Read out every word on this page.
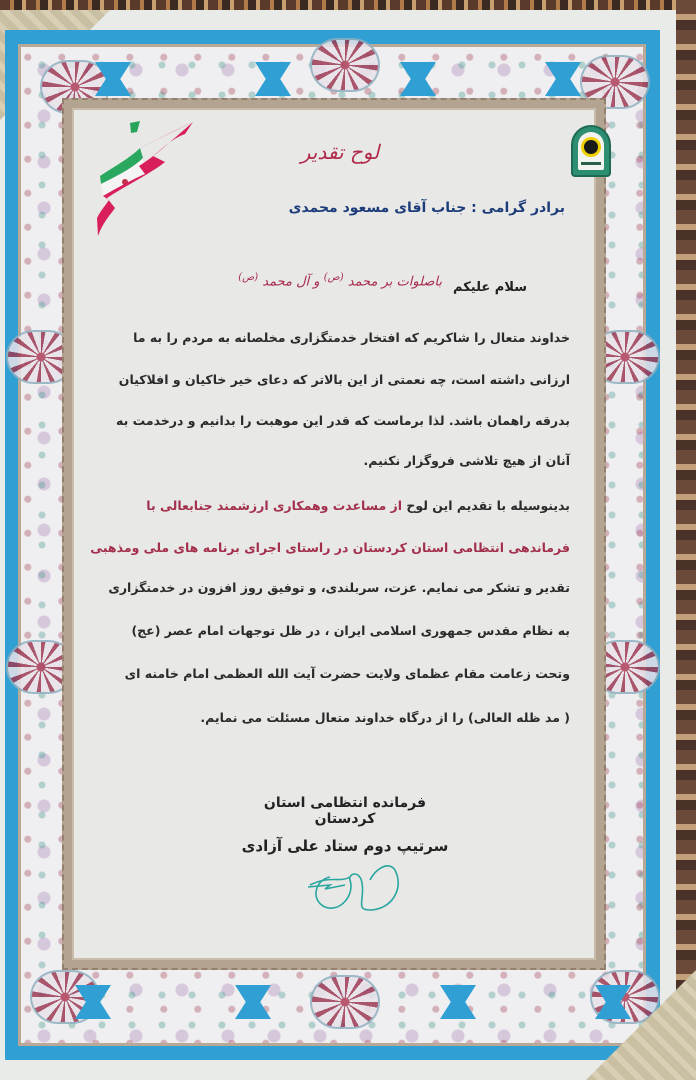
لوح تقدیر
برادر گرامی : جناب آقای مسعود محمدی
سلام علیکم
باصلوات بر محمد $^{(ص)}$ و آل محمد $^{(ص)}$
خداوند متعال را شاکریم که افتخار خدمتگزاری مخلصانه به مردم را به ما
ارزانی داشته است، چه نعمتی از این بالاتر که دعای خیر خاکیان و افلاکیان
بدرقه راهمان باشد. لذا برماست که قدر این موهبت را بدانیم و درخدمت به
آنان از هیچ تلاشی فروگزار نکنیم.
بدینوسیله با تقدیم این لوح از مساعدت وهمکاری ارزشمند جنابعالی با
فرماندهی انتظامی استان کردستان در راستای اجرای برنامه های ملی ومذهبی
تقدیر و تشکر می نمایم. عزت، سربلندی، و توفیق روز افزون در خدمتگزاری
به نظام مقدس جمهوری اسلامی ایران ، در ظل توجهات امام عصر (عج)
وتحت زعامت مقام عظمای ولایت حضرت آیت الله العظمی امام خامنه ای
( مد ظله العالی) را از درگاه خداوند متعال مسئلت می نمایم.
فرمانده انتظامی استان کردستان
سرتیپ دوم ستاد علی آزادی
